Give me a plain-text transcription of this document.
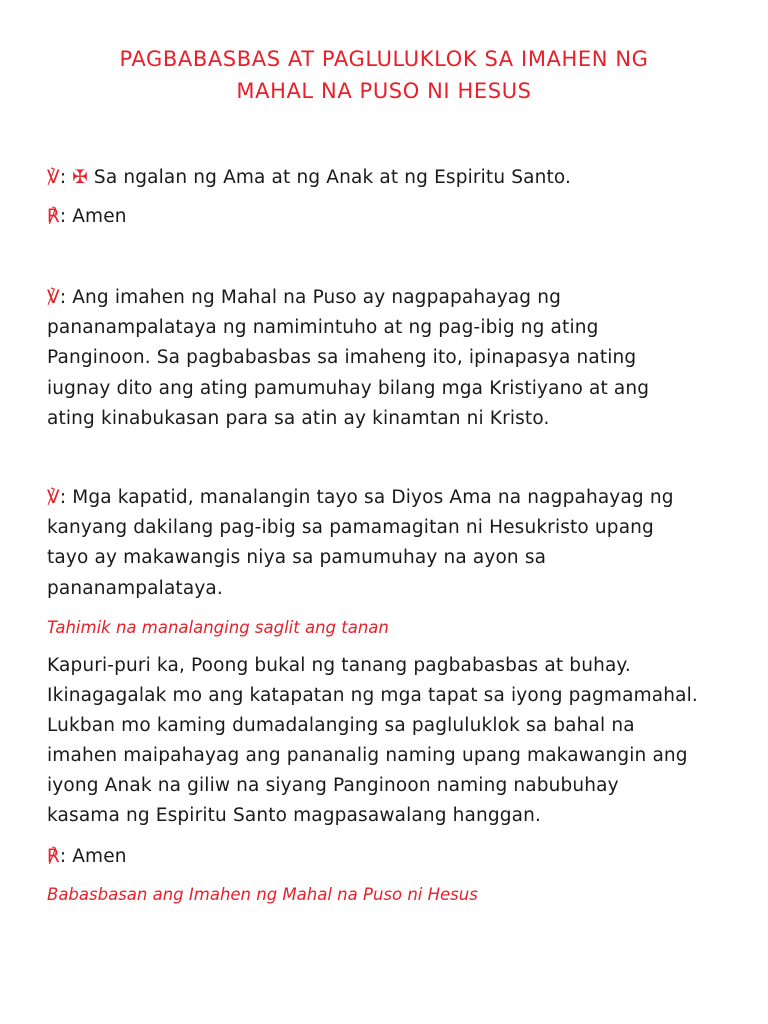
PAGBABASBAS AT PAGLULUKLOK SA IMAHEN NG
MAHAL NA PUSO NI HESUS
℣: ✠ Sa ngalan ng Ama at ng Anak at ng Espiritu Santo.
℟: Amen
℣: Ang imahen ng Mahal na Puso ay nagpapahayag ng
pananampalataya ng namimintuho at ng pag-ibig ng ating
Panginoon. Sa pagbabasbas sa imaheng ito, ipinapasya nating
iugnay dito ang ating pamumuhay bilang mga Kristiyano at ang
ating kinabukasan para sa atin ay kinamtan ni Kristo.
℣: Mga kapatid, manalangin tayo sa Diyos Ama na nagpahayag ng
kanyang dakilang pag-ibig sa pamamagitan ni Hesukristo upang
tayo ay makawangis niya sa pamumuhay na ayon sa
pananampalataya.
Tahimik na manalanging saglit ang tanan
Kapuri-puri ka, Poong bukal ng tanang pagbabasbas at buhay.
Ikinagagalak mo ang katapatan ng mga tapat sa iyong pagmamahal.
Lukban mo kaming dumadalanging sa pagluluklok sa bahal na
imahen maipahayag ang pananalig naming upang makawangin ang
iyong Anak na giliw na siyang Panginoon naming nabubuhay
kasama ng Espiritu Santo magpasawalang hanggan.
℟: Amen
Babasbasan ang Imahen ng Mahal na Puso ni Hesus
